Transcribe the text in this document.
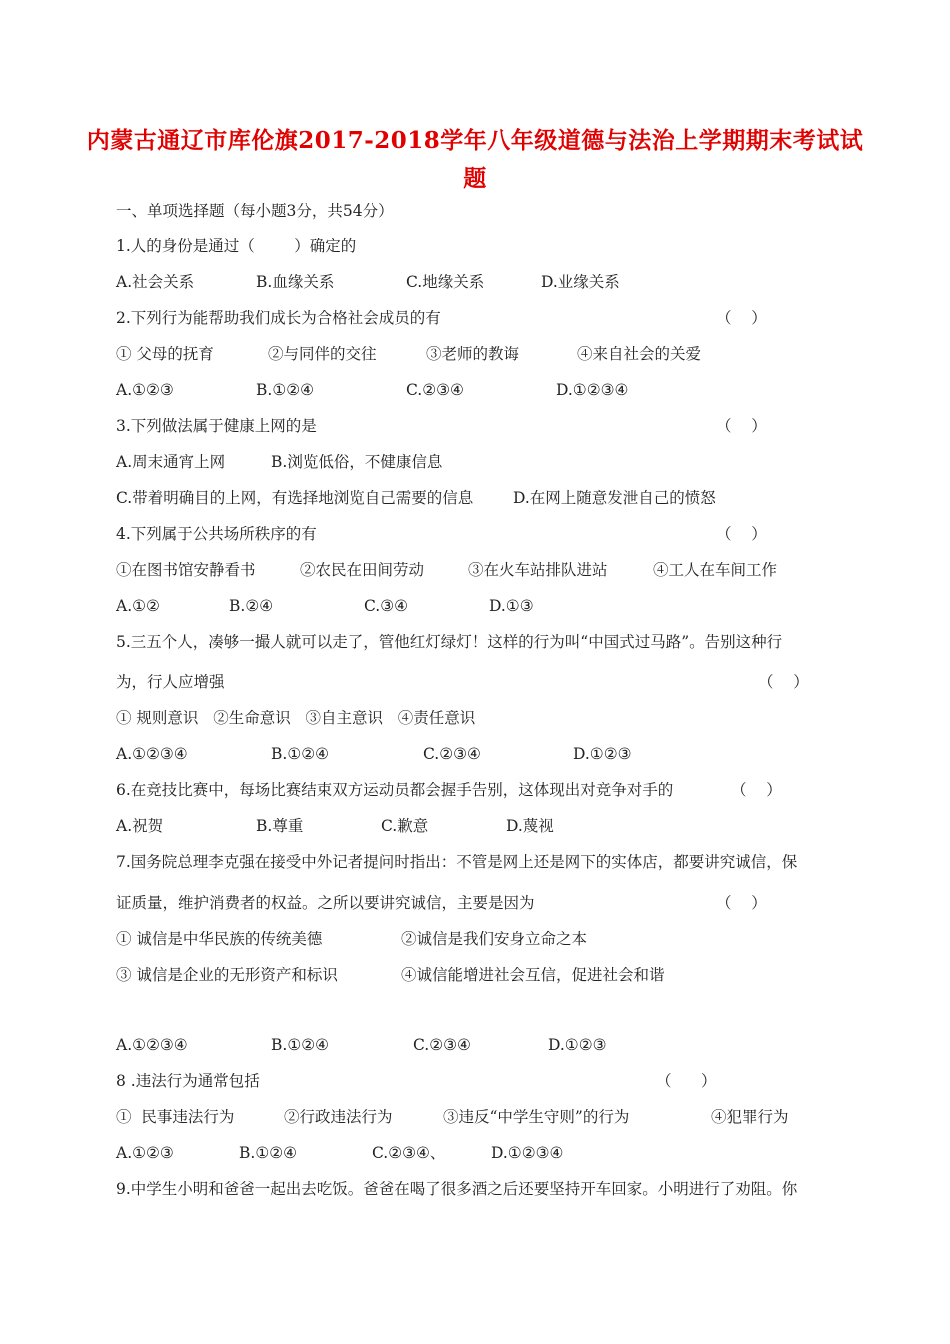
内蒙古通辽市库伦旗2017-2018学年八年级道德与法治上学期期末考试试
题
一、单项选择题（每小题3分，共54分）
1.人的身份是通过（        ）确定的
A.社会关系	B.血缘关系	C.地缘关系	D.业缘关系
2.下列行为能帮助我们成长为合格社会成员的有	（    ）
① 父母的抚育	②与同伴的交往	③老师的教诲	④来自社会的关爱
A.①②③	B.①②④	C.②③④	D.①②③④
3.下列做法属于健康上网的是	（    ）
A.周末通宵上网	B.浏览低俗，不健康信息
C.带着明确目的上网，有选择地浏览自己需要的信息	D.在网上随意发泄自己的愤怒
4.下列属于公共场所秩序的有	（    ）
①在图书馆安静看书	②农民在田间劳动	③在火车站排队进站	④工人在车间工作
A.①②	B.②④	C.③④	D.①③
5.三五个人，凑够一撮人就可以走了，管他红灯绿灯！这样的行为叫“中国式过马路”。告别这种行
为，行人应增强	（    ）
① 规则意识   ②生命意识   ③自主意识   ④责任意识
A.①②③④	B.①②④	C.②③④	D.①②③
6.在竞技比赛中，每场比赛结束双方运动员都会握手告别，这体现出对竞争对手的	（    ）
A.祝贺	B.尊重	C.歉意	D.蔑视
7.国务院总理李克强在接受中外记者提问时指出：不管是网上还是网下的实体店，都要讲究诚信，保
证质量，维护消费者的权益。之所以要讲究诚信，主要是因为	（    ）
① 诚信是中华民族的传统美德	②诚信是我们安身立命之本
③ 诚信是企业的无形资产和标识	④诚信能增进社会互信，促进社会和谐
A.①②③④	B.①②④	C.②③④	D.①②③
8 .违法行为通常包括	（      ）
①  民事违法行为	②行政违法行为	③违反“中学生守则”的行为	④犯罪行为
A.①②③	B.①②④	C.②③④、	D.①②③④
9.中学生小明和爸爸一起出去吃饭。爸爸在喝了很多酒之后还要坚持开车回家。小明进行了劝阻。你
